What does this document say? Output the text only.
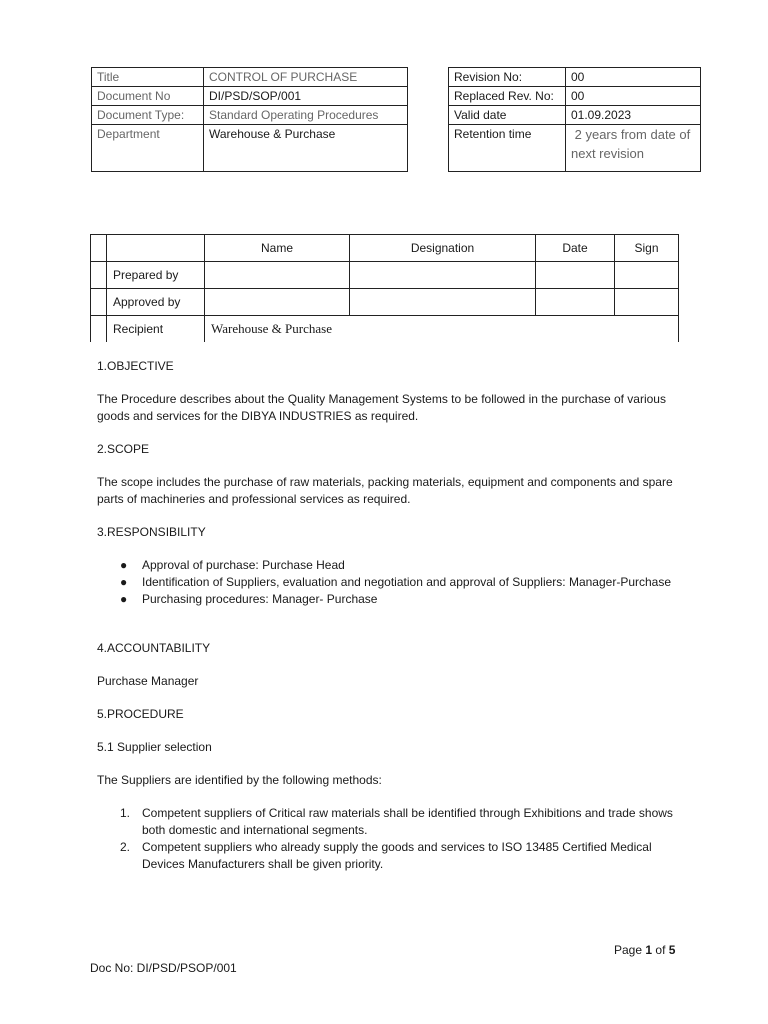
Title	CONTROL OF PURCHASE
Document No	DI/PSD/SOP/001
Document Type:	Standard Operating Procedures
Department	Warehouse & Purchase
Revision No:	00
Replaced Rev. No:	00
Valid date	01.09.2023
Retention time	2 years from date of next revision
		Name	Designation	Date	Sign
	Prepared by				
	Approved by				
	Recipient	Warehouse & Purchase			

1.OBJECTIVE

The Procedure describes about the Quality Management Systems to be followed in the purchase of various goods and services for the DIBYA INDUSTRIES as required.

2.SCOPE

The scope includes the purchase of raw materials, packing materials, equipment and components and spare parts of machineries and professional services as required.

3.RESPONSIBILITY

● Approval of purchase: Purchase Head
● Identification of Suppliers, evaluation and negotiation and approval of Suppliers: Manager-Purchase
● Purchasing procedures: Manager- Purchase

4.ACCOUNTABILITY

Purchase Manager

5.PROCEDURE

5.1 Supplier selection

The Suppliers are identified by the following methods:

1. Competent suppliers of Critical raw materials shall be identified through Exhibitions and trade shows both domestic and international segments.
2. Competent suppliers who already supply the goods and services to ISO 13485 Certified Medical Devices Manufacturers shall be given priority.
Page 1 of 5
Doc No: DI/PSD/PSOP/001
